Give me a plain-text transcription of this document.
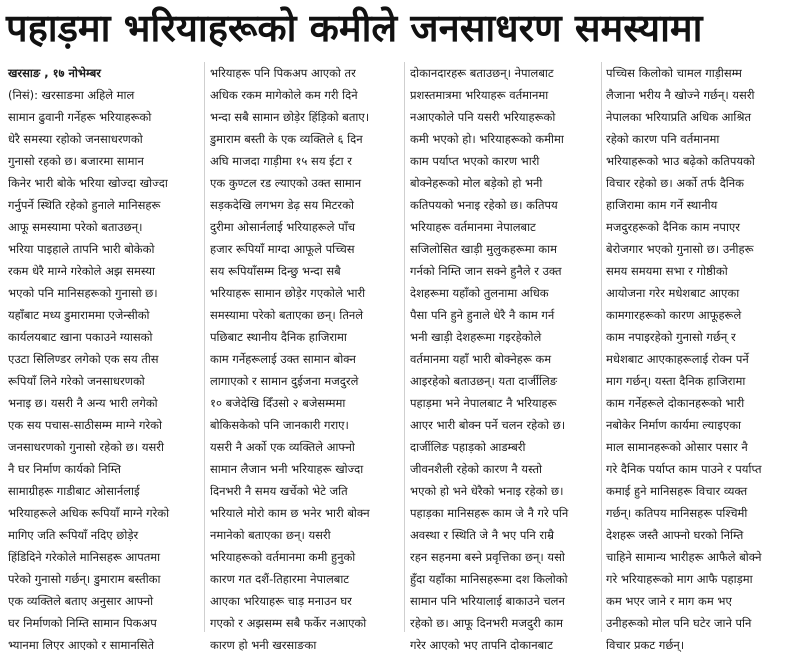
पहाड़मा भरियाहरूको कमीले जनसाधरण समस्यामा
खरसाङ , १७ नोभेम्बर
(निसं): खरसाङमा अहिले माल
सामान ढुवानी गर्नेहरू भरियाहरूको
धेरै समस्या रहोको जनसाधरणको
गुनासो रहको छ। बजारमा सामान
किनेर भारी बोके भरिया खोज्दा खोज्दा
गर्नुपर्ने स्थिति रहेको हुनाले मानिसहरू
आफू समस्यामा परेको बताउछन्।
भरिया पाइहाले तापनि भारी बोकेको
रकम धेरै माग्ने गरेकोले अझ समस्या
भएको पनि मानिसहरूको गुनासो छ।
यहाँबाट मध्य डुमाराममा एजेन्सीको
कार्यलयबाट खाना पकाउने ग्यासको
एउटा सिलिण्डर लगेको एक सय तीस
रूपियाँ लिने गरेको जनसाधरणको
भनाइ छ। यसरी नै अन्य भारी लगेको
एक सय पचास-साठीसम्म माग्ने गरेको
जनसाधरणको गुनासो रहेको छ। यसरी
नै घर निर्माण कार्यको निम्ति
सामाग्रीहरू गाडीबाट ओसार्नलाई
भरियाहरूले अधिक रूपियाँ माग्ने गरेको
मागिए जति रूपियाँ नदिए छोड़ेर
हिंडिदिने गरेकोले मानिसहरू आपतमा
परेको गुनासो गर्छन्। डुमाराम बस्तीका
एक व्यक्तिले बताए अनुसार आफ्नो
घर निर्माणको निम्ति सामान पिकअप
भ्यानमा लिएर आएको र सामानसिते
भरियाहरू पनि पिकअप आएको तर
अधिक रकम मागेकोले कम गरी दिने
भन्दा सबै सामान छोड़ेर हिंड़िको बताए।
डुमाराम बस्ती के एक व्यक्तिले ६ दिन
अघि माजदा गाड़ीमा १५ सय ईटा र
एक कुण्टल रड ल्याएको उक्त सामान
सड़कदेखि लगभग डेढ़ सय मिटरको
दुरीमा ओसार्नलाई भरियाहरूले पाँच
हजार रूपियाँ माग्दा आफूले पच्चिस
सय रूपियाँसम्म दिन्छु भन्दा सबै
भरियाहरू सामान छोड़ेर गएकोले भारी
समस्यामा परेको बताएका छन्। तिनले
पछिबाट स्थानीय दैनिक हाजिरामा
काम गर्नेहरूलाई उक्त सामान बोक्न
लागाएको र सामान दुईजना मजदुरले
१० बजेदेखि दिँउसो २ बजेसम्ममा
बोकिसकेको पनि जानकारी गराए।
यसरी नै अर्को एक व्यक्तिले आफ्नो
सामान लैजान भनी भरियाहरू खोज्दा
दिनभरी नै समय खर्चेको भेटे जति
भरियाले मोरो काम छ भनेर भारी बोक्न
नमानेको बताएका छन्। यसरी
भरियाहरूको वर्तमानमा कमी हुनुको
कारण गत दशैं-तिहारमा नेपालबाट
आएका भरियाहरू चाड़ मनाउन घर
गएको र अझसम्म सबै फर्केर नआएको
कारण हो भनी खरसाङका
दोकानदारहरू बताउछन्। नेपालबाट
प्रशस्तमात्रमा भरियाहरू वर्तमानमा
नआएकोले पनि यसरी भरियाहरूको
कमी भएको हो। भरियाहरूको कमीमा
काम पर्याप्त भएको कारण भारी
बोक्नेहरूको मोल बड़ेको हो भनी
कतिपयको भनाइ रहेको छ। कतिपय
भरियाहरू वर्तमानमा नेपालबाट
सजिलोसित खाड़ी मुलुकहरूमा काम
गर्नको निम्ति जान सक्ने हुनैले र उक्त
देशहरूमा यहाँको तुलनामा अधिक
पैसा पनि हुने हुनाले धेरै नै काम गर्न
भनी खाड़ी देशहरूमा गइरहेकोले
वर्तमानमा यहाँ भारी बोक्नेहरू कम
आइरहेको बताउछन्। यता दार्जीलिङ
पहाड़मा भने नेपालबाट नै भरियाहरू
आएर भारी बोक्न पर्ने चलन रहेको छ।
दार्जीलिङ पहाड़को आडम्बरी
जीवनशैली रहेको कारण नै यस्तो
भएको हो भने धेरैको भनाइ रहेको छ।
पहाड़का मानिसहरू काम जे नै गरे पनि
अवस्था र स्थिति जे नै भए पनि राम्रै
रहन सहनमा बस्ने प्रवृत्तिका छन्। यसो
हुँदा यहाँका मानिसहरूमा दश किलोको
सामान पनि भरियालाई बाकाउने चलन
रहेको छ। आफू दिनभरी मजदुरी काम
गरेर आएको भए तापनि दोकानबाट
पच्चिस किलोको चामल गाड़ीसम्म
लैजाना भरीय नै खोज्ने गर्छन्। यसरी
नेपालका भरियाप्रति अधिक आश्रित
रहेको कारण पनि वर्तमानमा
भरियाहरूको भाउ बढ़ेको कतिपयको
विचार रहेको छ। अर्को तर्फ दैनिक
हाजिरामा काम गर्ने स्थानीय
मजदुरहरूको दैनिक काम नपाएर
बेरोजगार भएको गुनासो छ। उनीहरू
समय समयमा सभा र गोष्ठीको
आयोजना गरेर मधेशबाट आएका
कामगारहरूको कारण आफूहरूले
काम नपाइरहेको गुनासो गर्छन् र
मधेशबाट आएकाहरूलाई रोक्न पर्ने
माग गर्छन्। यस्ता दैनिक हाजिरामा
काम गर्नेहरूले दोकानहरूको भारी
नबोकेर निर्माण कार्यमा ल्याइएका
माल सामानहरूको ओसार पसार नै
गरे दैनिक पर्याप्त काम पाउने र पर्याप्त
कमाई हुने मानिसहरू विचार व्यक्त
गर्छन्। कतिपय मानिसहरू पश्चिमी
देशहरू जस्तै आफ्नो घरको निम्ति
चाहिने सामान्य भारीहरू आफैले बोक्ने
गरे भरियाहरूको माग आफै पहाड़मा
कम भएर जाने र माग कम भए
उनीहरूको मोल पनि घटेर जाने पनि
विचार प्रकट गर्छन्।
